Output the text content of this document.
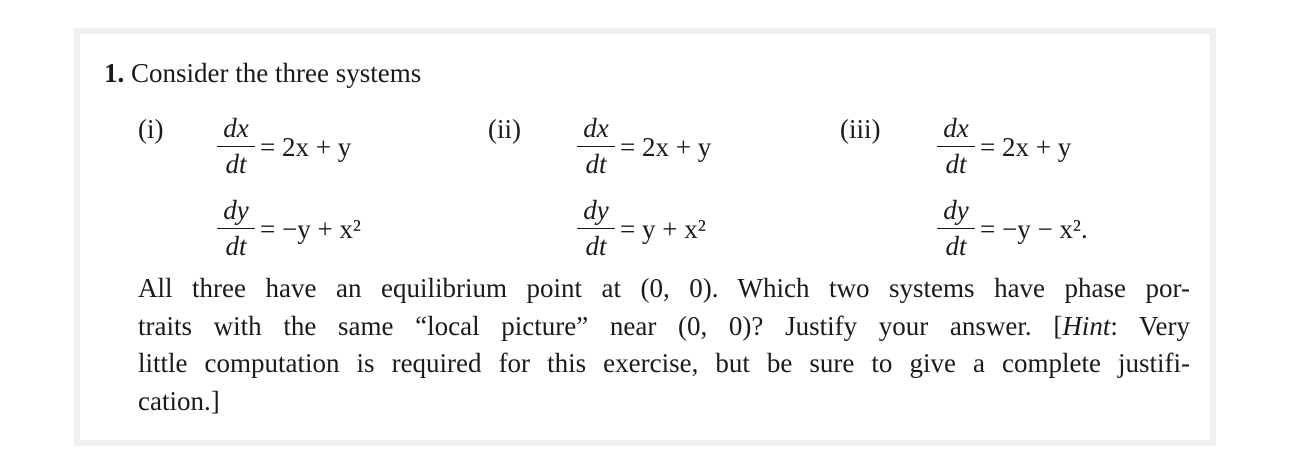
1. Consider the three systems
(i) dx
dt
= 2x + y
dy
dt
= −y + x²
(ii) dx
dt
= 2x + y
dy
dt
= y + x²
(iii) dx
dt
= 2x + y
dy
dt
= −y − x².
All three have an equilibrium point at (0, 0). Which two systems have phase por-
traits with the same “local picture” near (0, 0)? Justify your answer. [Hint: Very
little computation is required for this exercise, but be sure to give a complete justifi-
cation.]
